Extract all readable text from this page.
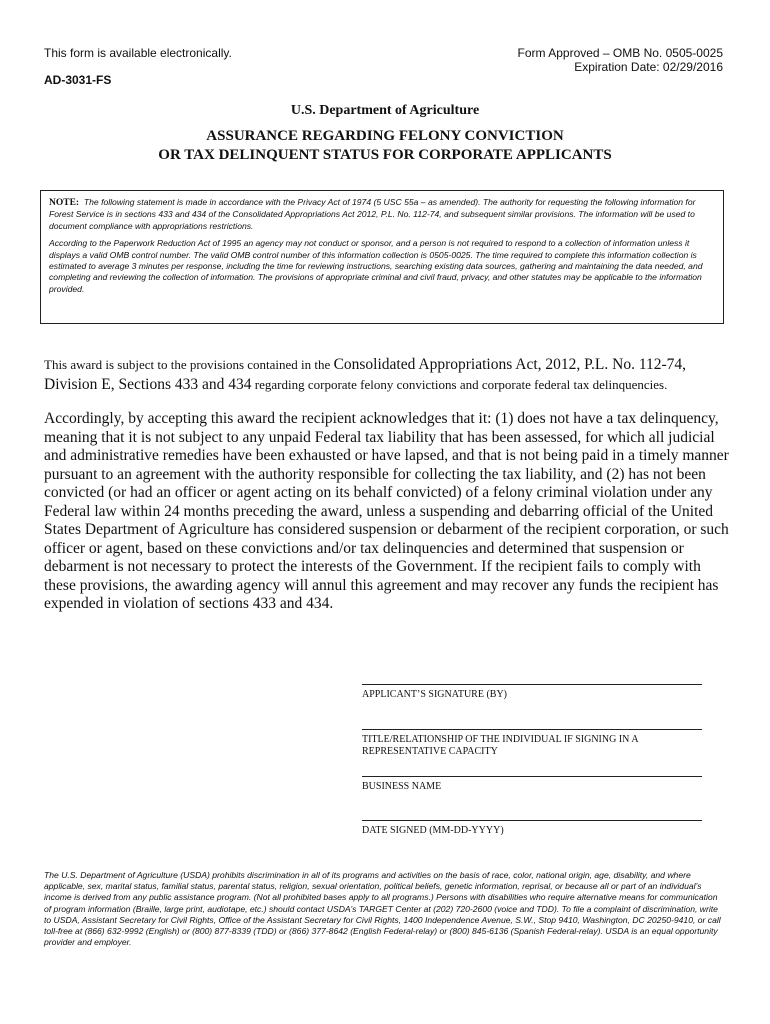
This form is available electronically.	Form Approved – OMB No. 0505-0025
Expiration Date: 02/29/2016
AD-3031-FS
U.S. Department of Agriculture
ASSURANCE REGARDING FELONY CONVICTION
OR TAX DELINQUENT STATUS FOR CORPORATE APPLICANTS

NOTE: The following statement is made in accordance with the Privacy Act of 1974 (5 USC 55a – as amended). The authority for requesting the following information for Forest Service is in sections 433 and 434 of the Consolidated Appropriations Act 2012, P.L. No. 112-74, and subsequent similar provisions. The information will be used to document compliance with appropriations restrictions.

According to the Paperwork Reduction Act of 1995 an agency may not conduct or sponsor, and a person is not required to respond to a collection of information unless it displays a valid OMB control number. The valid OMB control number of this information collection is 0505-0025. The time required to complete this information collection is estimated to average 3 minutes per response, including the time for reviewing instructions, searching existing data sources, gathering and maintaining the data needed, and completing and reviewing the collection of information. The provisions of appropriate criminal and civil fraud, privacy, and other statutes may be applicable to the information provided.

This award is subject to the provisions contained in the Consolidated Appropriations Act, 2012, P.L. No. 112-74, Division E, Sections 433 and 434 regarding corporate felony convictions and corporate federal tax delinquencies.
Accordingly, by accepting this award the recipient acknowledges that it: (1) does not have a tax delinquency, meaning that it is not subject to any unpaid Federal tax liability that has been assessed, for which all judicial and administrative remedies have been exhausted or have lapsed, and that is not being paid in a timely manner pursuant to an agreement with the authority responsible for collecting the tax liability, and (2) has not been convicted (or had an officer or agent acting on its behalf convicted) of a felony criminal violation under any Federal law within 24 months preceding the award, unless a suspending and debarring official of the United States Department of Agriculture has considered suspension or debarment of the recipient corporation, or such officer or agent, based on these convictions and/or tax delinquencies and determined that suspension or debarment is not necessary to protect the interests of the Government. If the recipient fails to comply with these provisions, the awarding agency will annul this agreement and may recover any funds the recipient has expended in violation of sections 433 and 434.
APPLICANT’S SIGNATURE (BY)
TITLE/RELATIONSHIP OF THE INDIVIDUAL IF SIGNING IN A
REPRESENTATIVE CAPACITY
BUSINESS NAME
DATE SIGNED (MM-DD-YYYY)
The U.S. Department of Agriculture (USDA) prohibits discrimination in all of its programs and activities on the basis of race, color, national origin, age, disability, and where applicable, sex, marital status, familial status, parental status, religion, sexual orientation, political beliefs, genetic information, reprisal, or because all or part of an individual’s income is derived from any public assistance program. (Not all prohibited bases apply to all programs.) Persons with disabilities who require alternative means for communication of program information (Braille, large print, audiotape, etc.) should contact USDA’s TARGET Center at (202) 720-2600 (voice and TDD). To file a complaint of discrimination, write to USDA, Assistant Secretary for Civil Rights, Office of the Assistant Secretary for Civil Rights, 1400 Independence Avenue, S.W., Stop 9410, Washington, DC 20250-9410, or call toll-free at (866) 632-9992 (English) or (800) 877-8339 (TDD) or (866) 377-8642 (English Federal-relay) or (800) 845-6136 (Spanish Federal-relay). USDA is an equal opportunity provider and employer.
